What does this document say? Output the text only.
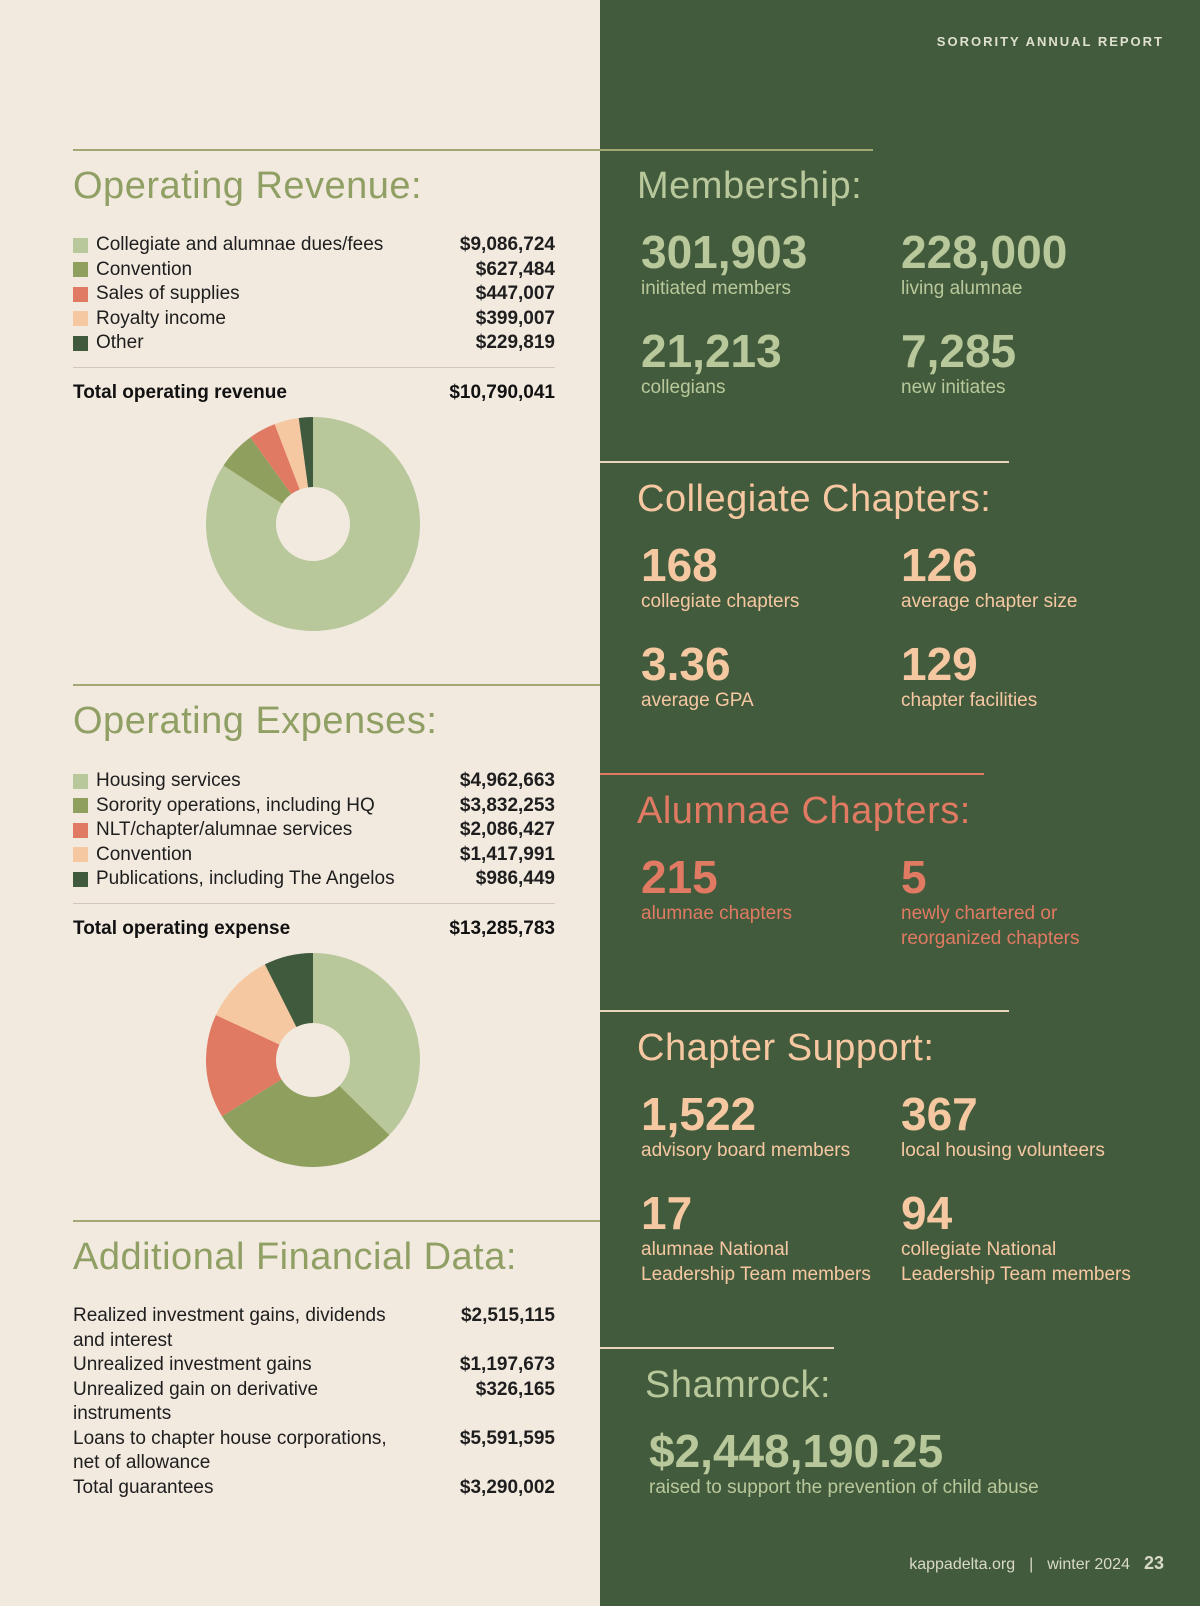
Operating Revenue:
Collegiate and alumnae dues/fees	$9,086,724
Convention	$627,484
Sales of supplies	$447,007
Royalty income	$399,007
Other	$229,819
Total operating revenue	$10,790,041
Operating Expenses:
Housing services	$4,962,663
Sorority operations, including HQ	$3,832,253
NLT/chapter/alumnae services	$2,086,427
Convention	$1,417,991
Publications, including The Angelos	$986,449
Total operating expense	$13,285,783
Additional Financial Data:
Realized investment gains, dividends
and interest
$2,515,115
Unrealized investment gains	$1,197,673
Unrealized gain on derivative
instruments
$326,165
Loans to chapter house corporations,
net of allowance
$5,591,595
Total guarantees	$3,290,002
SORORITY ANNUAL REPORT
Membership:
301,903
initiated members
228,000
living alumnae
21,213
collegians
7,285
new initiates
Collegiate Chapters:
168
collegiate chapters
126
average chapter size
3.36
average GPA
129
chapter facilities
Alumnae Chapters:
215
alumnae chapters
5
newly chartered or
reorganized chapters
Chapter Support:
1,522
advisory board members
367
local housing volunteers
17
alumnae National
Leadership Team members
94
collegiate National
Leadership Team members
Shamrock:
$2,448,190.25
raised to support the prevention of child abuse
kappadelta.org | winter 2024 23
